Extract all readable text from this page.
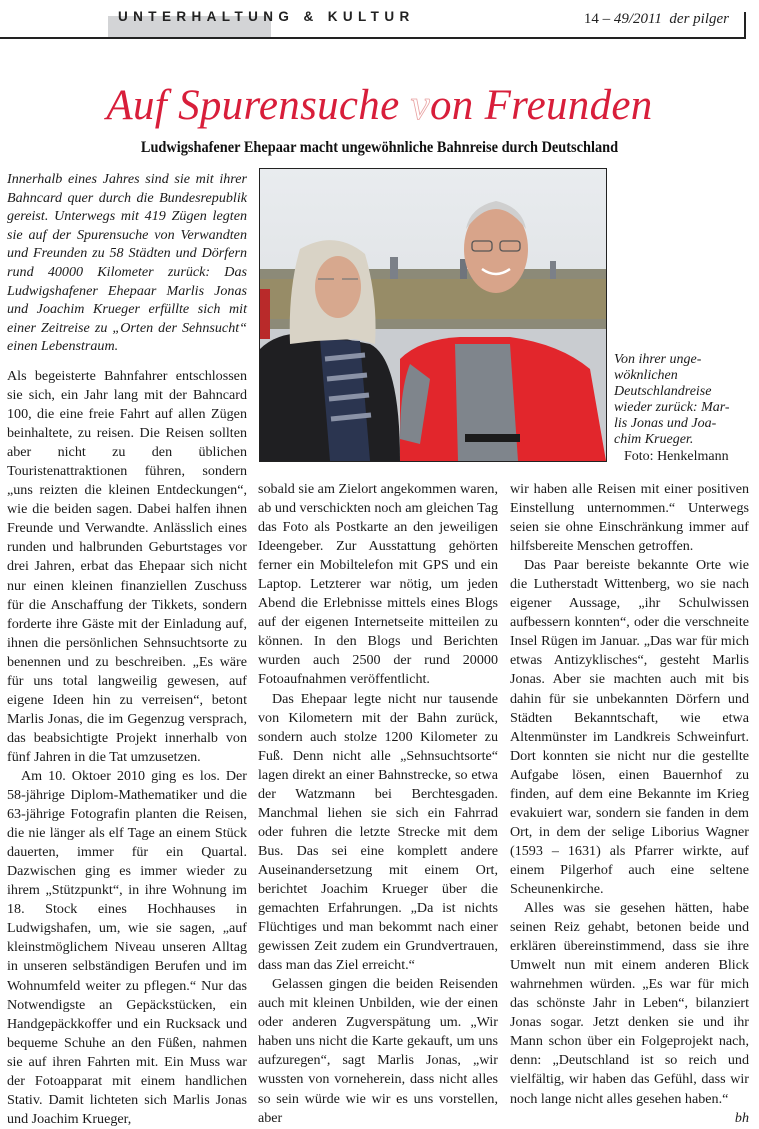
UNTERHALTUNG & KULTUR	14 – 49/2011 der pilger
Auf Spurensuche von Freunden
Ludwigshafener Ehepaar macht ungewöhnliche Bahnreise durch Deutschland
Innerhalb eines Jahres sind sie mit ihrer Bahncard quer durch die Bundesrepublik gereist. Unterwegs mit 419 Zügen legten sie auf der Spurensuche von Verwandten und Freunden zu 58 Städten und Dörfern rund 40000 Kilometer zurück: Das Ludwigshafener Ehepaar Marlis Jonas und Joachim Krueger erfüllte sich mit einer Zeitreise zu „Orten der Sehnsucht“ einen Lebenstraum.

Als begeisterte Bahnfahrer entschlossen sie sich, ein Jahr lang mit der Bahncard 100, die eine freie Fahrt auf allen Zügen beinhaltete, zu reisen. Die Reisen sollten aber nicht zu den üblichen Touristenattraktionen führen, sondern „uns reizten die kleinen Entdeckungen“, wie die beiden sagen. Dabei halfen ihnen Freunde und Verwandte. Anlässlich eines runden und halbrunden Geburtstages vor drei Jahren, erbat das Ehepaar sich nicht nur einen kleinen finanziellen Zuschuss für die Anschaffung der Tikkets, sondern forderte ihre Gäste mit der Einladung auf, ihnen die persönlichen Sehnsuchtsorte zu benennen und zu beschreiben. „Es wäre für uns total langweilig gewesen, auf eigene Ideen hin zu verreisen“, betont Marlis Jonas, die im Gegenzug versprach, das beabsichtigte Projekt innerhalb von fünf Jahren in die Tat umzusetzen.

Am 10. Oktoer 2010 ging es los. Der 58-jährige Diplom-Mathematiker und die 63-jährige Fotografin planten die Reisen, die nie länger als elf Tage an einem Stück dauerten, immer für ein Quartal. Dazwischen ging es immer wieder zu ihrem „Stützpunkt“, in ihre Wohnung im 18. Stock eines Hochhauses in Ludwigshafen, um, wie sie sagen, „auf kleinstmöglichem Niveau unseren Alltag in unseren selbständigen Berufen und im Wohnumfeld weiter zu pflegen.“ Nur das Notwendigste an Gepäckstücken, ein Handgepäckkoffer und ein Rucksack und bequeme Schuhe an den Füßen, nahmen sie auf ihren Fahrten mit. Ein Muss war der Fotoapparat mit einem handlichen Stativ. Damit lichteten sich Marlis Jonas und Joachim Krueger,

Von ihrer unge-
wöknlichen
Deutschlandreise
wieder zurück: Mar-
lis Jonas und Joa-
chim Krueger.
Foto: Henkelmann

sobald sie am Zielort angekommen waren, ab und verschickten noch am gleichen Tag das Foto als Postkarte an den jeweiligen Ideengeber. Zur Ausstattung gehörten ferner ein Mobiltelefon mit GPS und ein Laptop. Letzterer war nötig, um jeden Abend die Erlebnisse mittels eines Blogs auf der eigenen Internetseite mitteilen zu können. In den Blogs und Berichten wurden auch 2500 der rund 20000 Fotoaufnahmen veröffentlicht.

Das Ehepaar legte nicht nur tausende von Kilometern mit der Bahn zurück, sondern auch stolze 1200 Kilometer zu Fuß. Denn nicht alle „Sehnsuchtsorte“ lagen direkt an einer Bahnstrecke, so etwa der Watzmann bei Berchtesgaden. Manchmal liehen sie sich ein Fahrrad oder fuhren die letzte Strecke mit dem Bus. Das sei eine komplett andere Auseinandersetzung mit einem Ort, berichtet Joachim Krueger über die gemachten Erfahrungen. „Da ist nichts Flüchtiges und man bekommt nach einer gewissen Zeit zudem ein Grundvertrauen, dass man das Ziel erreicht.“

Gelassen gingen die beiden Reisenden auch mit kleinen Unbilden, wie der einen oder anderen Zugverspätung um. „Wir haben uns nicht die Karte gekauft, um uns aufzuregen“, sagt Marlis Jonas, „wir wussten von vorneherein, dass nicht alles so sein würde wie wir es uns vorstellen, aber

wir haben alle Reisen mit einer positiven Einstellung unternommen.“ Unterwegs seien sie ohne Einschränkung immer auf hilfsbereite Menschen getroffen.

Das Paar bereiste bekannte Orte wie die Lutherstadt Wittenberg, wo sie nach eigener Aussage, „ihr Schulwissen aufbessern konnten“, oder die verschneite Insel Rügen im Januar. „Das war für mich etwas Antizyklisches“, gesteht Marlis Jonas. Aber sie machten auch mit bis dahin für sie unbekannten Dörfern und Städten Bekanntschaft, wie etwa Altenmünster im Landkreis Schweinfurt. Dort konnten sie nicht nur die gestellte Aufgabe lösen, einen Bauernhof zu finden, auf dem eine Bekannte im Krieg evakuiert war, sondern sie fanden in dem Ort, in dem der selige Liborius Wagner (1593 – 1631) als Pfarrer wirkte, auf einem Pilgerhof auch eine seltene Scheunenkirche.

Alles was sie gesehen hätten, habe seinen Reiz gehabt, betonen beide und erklären übereinstimmend, dass sie ihre Umwelt nun mit einem anderen Blick wahrnehmen würden. „Es war für mich das schönste Jahr in Leben“, bilanziert Jonas sogar. Jetzt denken sie und ihr Mann schon über ein Folgeprojekt nach, denn: „Deutschland ist so reich und vielfältig, wir haben das Gefühl, dass wir noch lange nicht alles gesehen haben.“
bh
